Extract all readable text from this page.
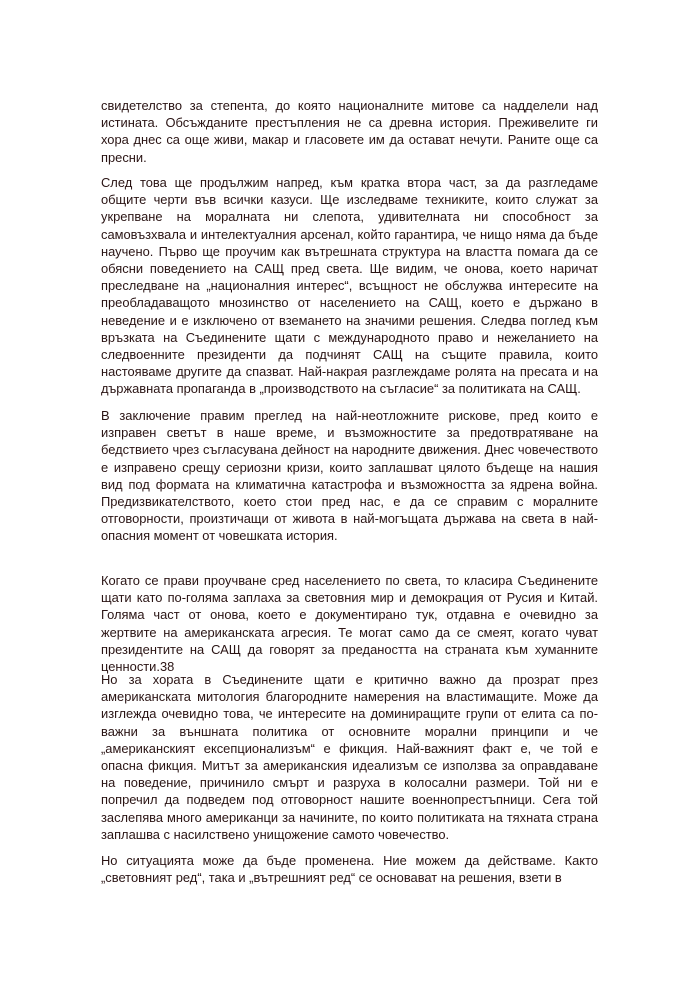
свидетелство за степента, до която националните митове са надделели над истината. Обсъжданите престъпления не са древна история. Преживелите ги хора днес са още живи, макар и гласовете им да остават нечути. Раните още са пресни.

След това ще продължим напред, към кратка втора част, за да разгледаме общите черти във всички казуси. Ще изследваме техниките, които служат за укрепване на моралната ни слепота, удивителната ни способност за самовъзхвала и интелектуалния арсенал, който гарантира, че нищо няма да бъде научено. Първо ще проучим как вътрешната структура на властта помага да се обясни поведението на САЩ пред света. Ще видим, че онова, което наричат преследване на „националния интерес“, всъщност не обслужва интересите на преобладаващото мнозинство от населението на САЩ, което е държано в неведение и е изключено от вземането на значими решения. Следва поглед към връзката на Съединените щати с международното право и нежеланието на следвоенните президенти да подчинят САЩ на същите правила, които настояваме другите да спазват. Най-накрая разглеждаме ролята на пресата и на държавната пропаганда в „производството на съгласие“ за политиката на САЩ.

В заключение правим преглед на най-неотложните рискове, пред които е изправен светът в наше време, и възможностите за предотвратяване на бедствието чрез съгласувана дейност на народните движения. Днес човечеството е изправено срещу сериозни кризи, които заплашват цялото бъдеще на нашия вид под формата на климатична катастрофа и възможността за ядрена война. Предизвикателството, което стои пред нас, е да се справим с моралните отговорности, произтичащи от живота в най-могъщата държава на света в най-опасния момент от човешката история.

Когато се прави проучване сред населението по света, то класира Съединените щати като по-голяма заплаха за световния мир и демокрация от Русия и Китай. Голяма част от онова, което е документирано тук, отдавна е очевидно за жертвите на американската агресия. Те могат само да се смеят, когато чуват президентите на САЩ да говорят за предаността на страната към хуманните ценности.38

Но за хората в Съединените щати е критично важно да прозрат през американската митология благородните намерения на властимащите. Може да изглежда очевидно това, че интересите на доминиращите групи от елита са по-важни за външната политика от основните морални принципи и че „американският ексепционализъм“ е фикция. Най-важният факт е, че той е опасна фикция. Митът за американския идеализъм се използва за оправдаване на поведение, причинило смърт и разруха в колосални размери. Той ни е попречил да подведем под отговорност нашите военнопрестъпници. Сега той заслепява много американци за начините, по които политиката на тяхната страна заплашва с насилствено унищожение самото човечество.

Но ситуацията може да бъде променена. Ние можем да действаме. Както „световният ред“, така и „вътрешният ред“ се основават на решения, взети в
